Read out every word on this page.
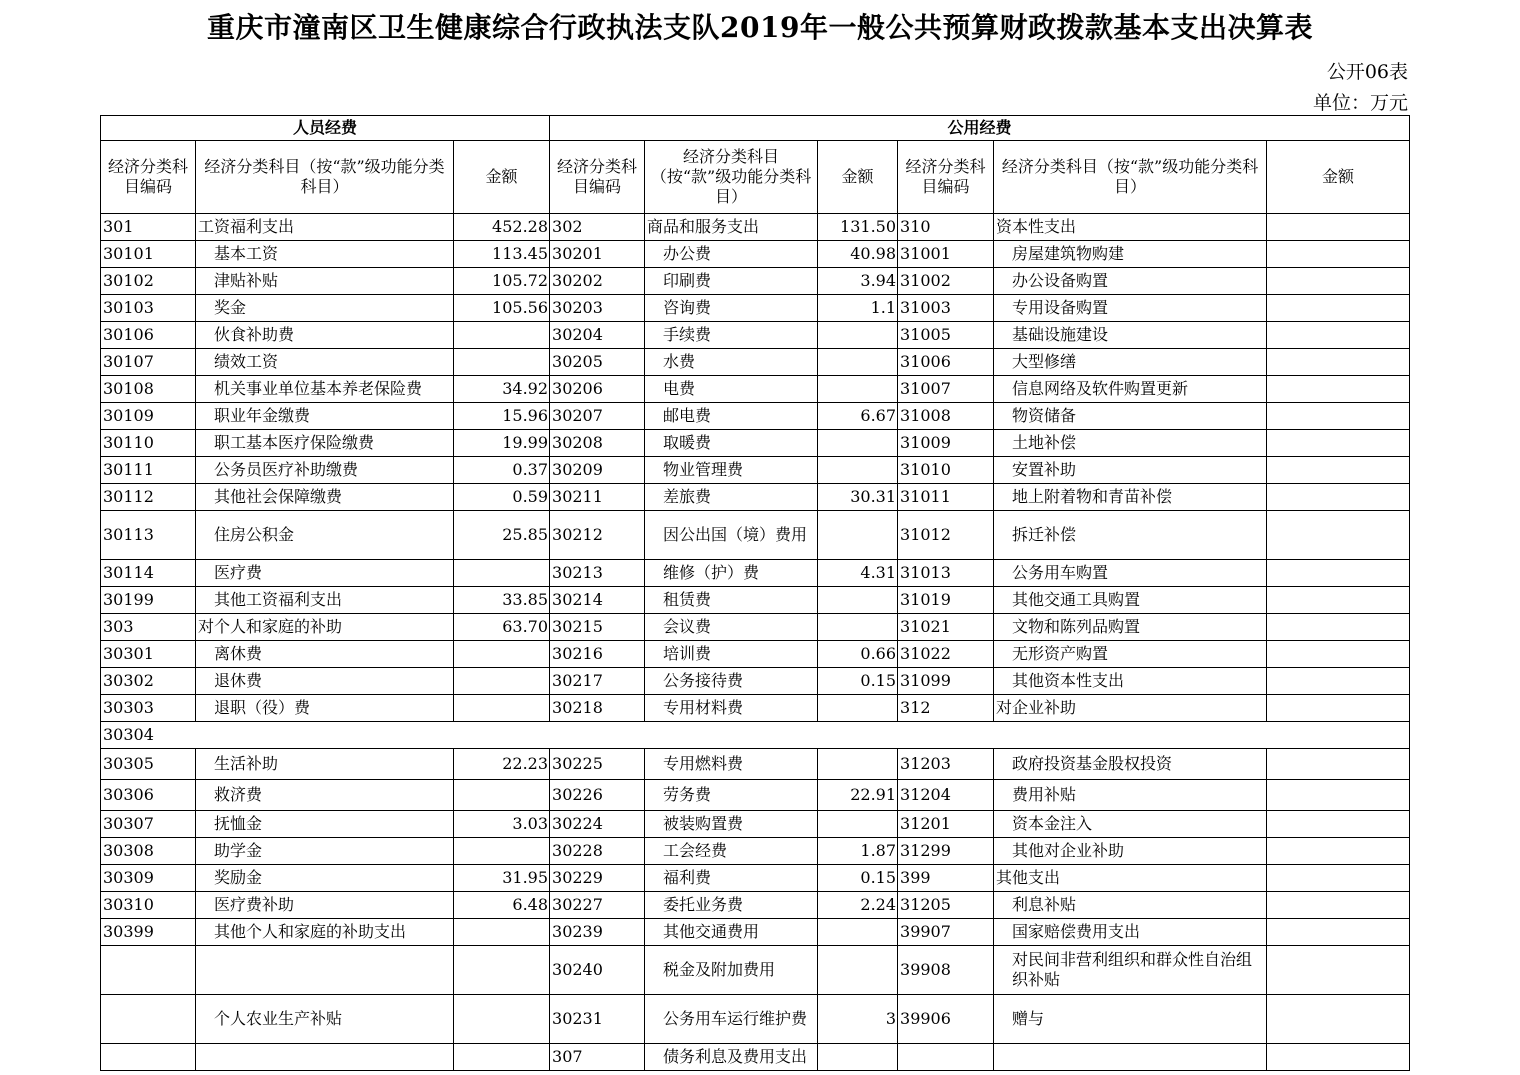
重庆市潼南区卫生健康综合行政执法支队2019年一般公共预算财政拨款基本支出决算表
公开06表
单位：万元
人员经费			公用经费					
经济分类科目编码	经济分类科目（按“款”级功能分类科目）	金额	经济分类科目编码	经济分类科目（按“款”级功能分类科目）	金额	经济分类科目编码	经济分类科目（按“款”级功能分类科目）	金额
301	工资福利支出	452.28	302	商品和服务支出	131.50	310	资本性支出	
30101	基本工资	113.45	30201	办公费	40.98	31001	房屋建筑物购建	
30102	津贴补贴	105.72	30202	印刷费	3.94	31002	办公设备购置	
30103	奖金	105.56	30203	咨询费	1.1	31003	专用设备购置	
30106	伙食补助费		30204	手续费		31005	基础设施建设	
30107	绩效工资		30205	水费		31006	大型修缮	
30108	机关事业单位基本养老保险费	34.92	30206	电费		31007	信息网络及软件购置更新	
30109	职业年金缴费	15.96	30207	邮电费	6.67	31008	物资储备	
30110	职工基本医疗保险缴费	19.99	30208	取暖费		31009	土地补偿	
30111	公务员医疗补助缴费	0.37	30209	物业管理费		31010	安置补助	
30112	其他社会保障缴费	0.59	30211	差旅费	30.31	31011	地上附着物和青苗补偿	
30113	住房公积金	25.85	30212	因公出国（境）费用		31012	拆迁补偿	
30114	医疗费		30213	维修（护）费	4.31	31013	公务用车购置	
30199	其他工资福利支出	33.85	30214	租赁费		31019	其他交通工具购置	
303	对个人和家庭的补助	63.70	30215	会议费		31021	文物和陈列品购置	
30301	离休费		30216	培训费	0.66	31022	无形资产购置	
30302	退休费		30217	公务接待费	0.15	31099	其他资本性支出	
30303	退职（役）费		30218	专用材料费		312	对企业补助	
30304								
30305	生活补助	22.23	30225	专用燃料费		31203	政府投资基金股权投资	
30306	救济费		30226	劳务费	22.91	31204	费用补贴	
30307	抚恤金	3.03	30224	被装购置费		31201	资本金注入	
30308	助学金		30228	工会经费	1.87	31299	其他对企业补助	
30309	奖励金	31.95	30229	福利费	0.15	399	其他支出	
30310	医疗费补助	6.48	30227	委托业务费	2.24	31205	利息补贴	
30399	其他个人和家庭的补助支出		30239	其他交通费用		39907	国家赔偿费用支出	
			30240	税金及附加费用		39908	对民间非营利组织和群众性自治组织补贴	
	个人农业生产补贴		30231	公务用车运行维护费	3	39906	赠与	
			307	债务利息及费用支出				
